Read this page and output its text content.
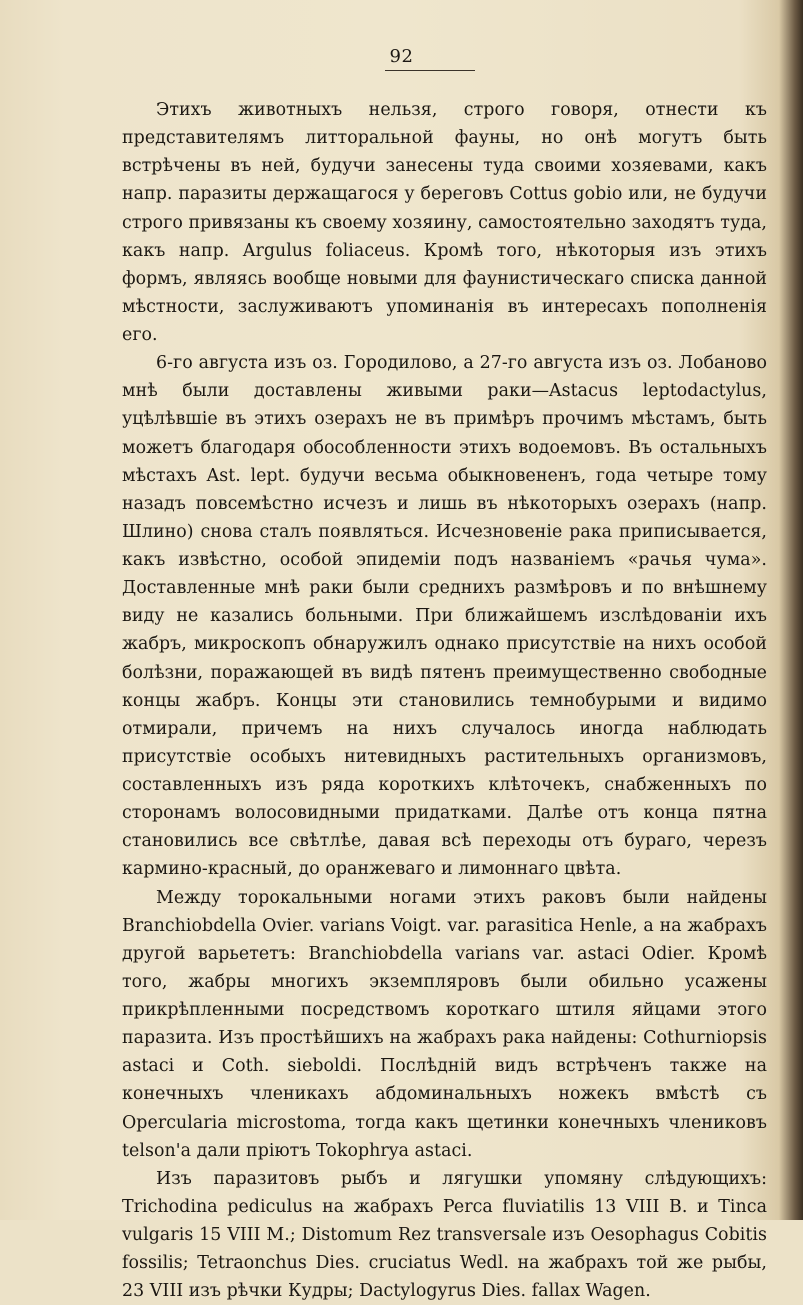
92

Этихъ животныхъ нельзя, строго говоря, отнести къ представителямъ литторальной фауны, но онѣ могутъ быть встрѣчены въ ней, будучи занесены туда своими хозяевами, какъ напр. паразиты держащагося у береговъ Cottus gobio или, не будучи строго привязаны къ своему хозяину, самостоятельно заходятъ туда, какъ напр. Argulus foliaceus. Кромѣ того, нѣкоторыя изъ этихъ формъ, являясь вообще новыми для фаунистическаго списка данной мѣстности, заслуживаютъ упоминанія въ интересахъ пополненія его.

6-го августа изъ оз. Городилово, а 27-го августа изъ оз. Лобаново мнѣ были доставлены живыми раки—Astacus leptodactylus, уцѣлѣвшіе въ этихъ озерахъ не въ примѣръ прочимъ мѣстамъ, быть можетъ благодаря обособленности этихъ водоемовъ. Въ остальныхъ мѣстахъ Ast. lept. будучи весьма обыкновененъ, года четыре тому назадъ повсемѣстно исчезъ и лишь въ нѣкоторыхъ озерахъ (напр. Шлино) снова сталъ появляться. Исчезновеніе рака приписывается, какъ извѣстно, особой эпидеміи подъ названіемъ «рачья чума». Доставленные мнѣ раки были среднихъ размѣровъ и по внѣшнему виду не казались больными. При ближайшемъ изслѣдованіи ихъ жабръ, микроскопъ обнаружилъ однако присутствіе на нихъ особой болѣзни, поражающей въ видѣ пятенъ преимущественно свободные концы жабръ. Концы эти становились темнобурыми и видимо отмирали, причемъ на нихъ случалось иногда наблюдать присутствіе особыхъ нитевидныхъ растительныхъ организмовъ, составленныхъ изъ ряда короткихъ клѣточекъ, снабженныхъ по сторонамъ волосовидными придатками. Далѣе отъ конца пятна становились все свѣтлѣе, давая всѣ переходы отъ бураго, черезъ кармино-красный, до оранжеваго и лимоннаго цвѣта.

Между торокальными ногами этихъ раковъ были найдены Branchiobdella Ovier. varians Voigt. var. parasitica Henle, а на жабрахъ другой варьететъ: Branchiobdella varians var. astaci Odier. Кромѣ того, жабры многихъ экземпляровъ были обильно усажены прикрѣпленными посредствомъ короткаго штиля яйцами этого паразита. Изъ простѣйшихъ на жабрахъ рака найдены: Cothurniopsis astaci и Coth. sieboldi. Послѣдній видъ встрѣченъ также на конечныхъ членикахъ абдоминальныхъ ножекъ вмѣстѣ съ Opercularia microstoma, тогда какъ щетинки конечныхъ члениковъ telson'а дали пріютъ Tokophrya astaci.

Изъ паразитовъ рыбъ и лягушки упомяну слѣдующихъ: Trichodina pediculus на жабрахъ Perca fluviatilis 13 VIII В. и Tinca vulgaris 15 VIII М.; Distomum Rez transversale изъ Oesophagus Cobitis fossilis; Tetraonchus Dies. cruciatus Wedl. на жабрахъ той же рыбы, 23 VIII изъ рѣчки Кудры; Dactylogyrus Dies. fallax Wagen.
